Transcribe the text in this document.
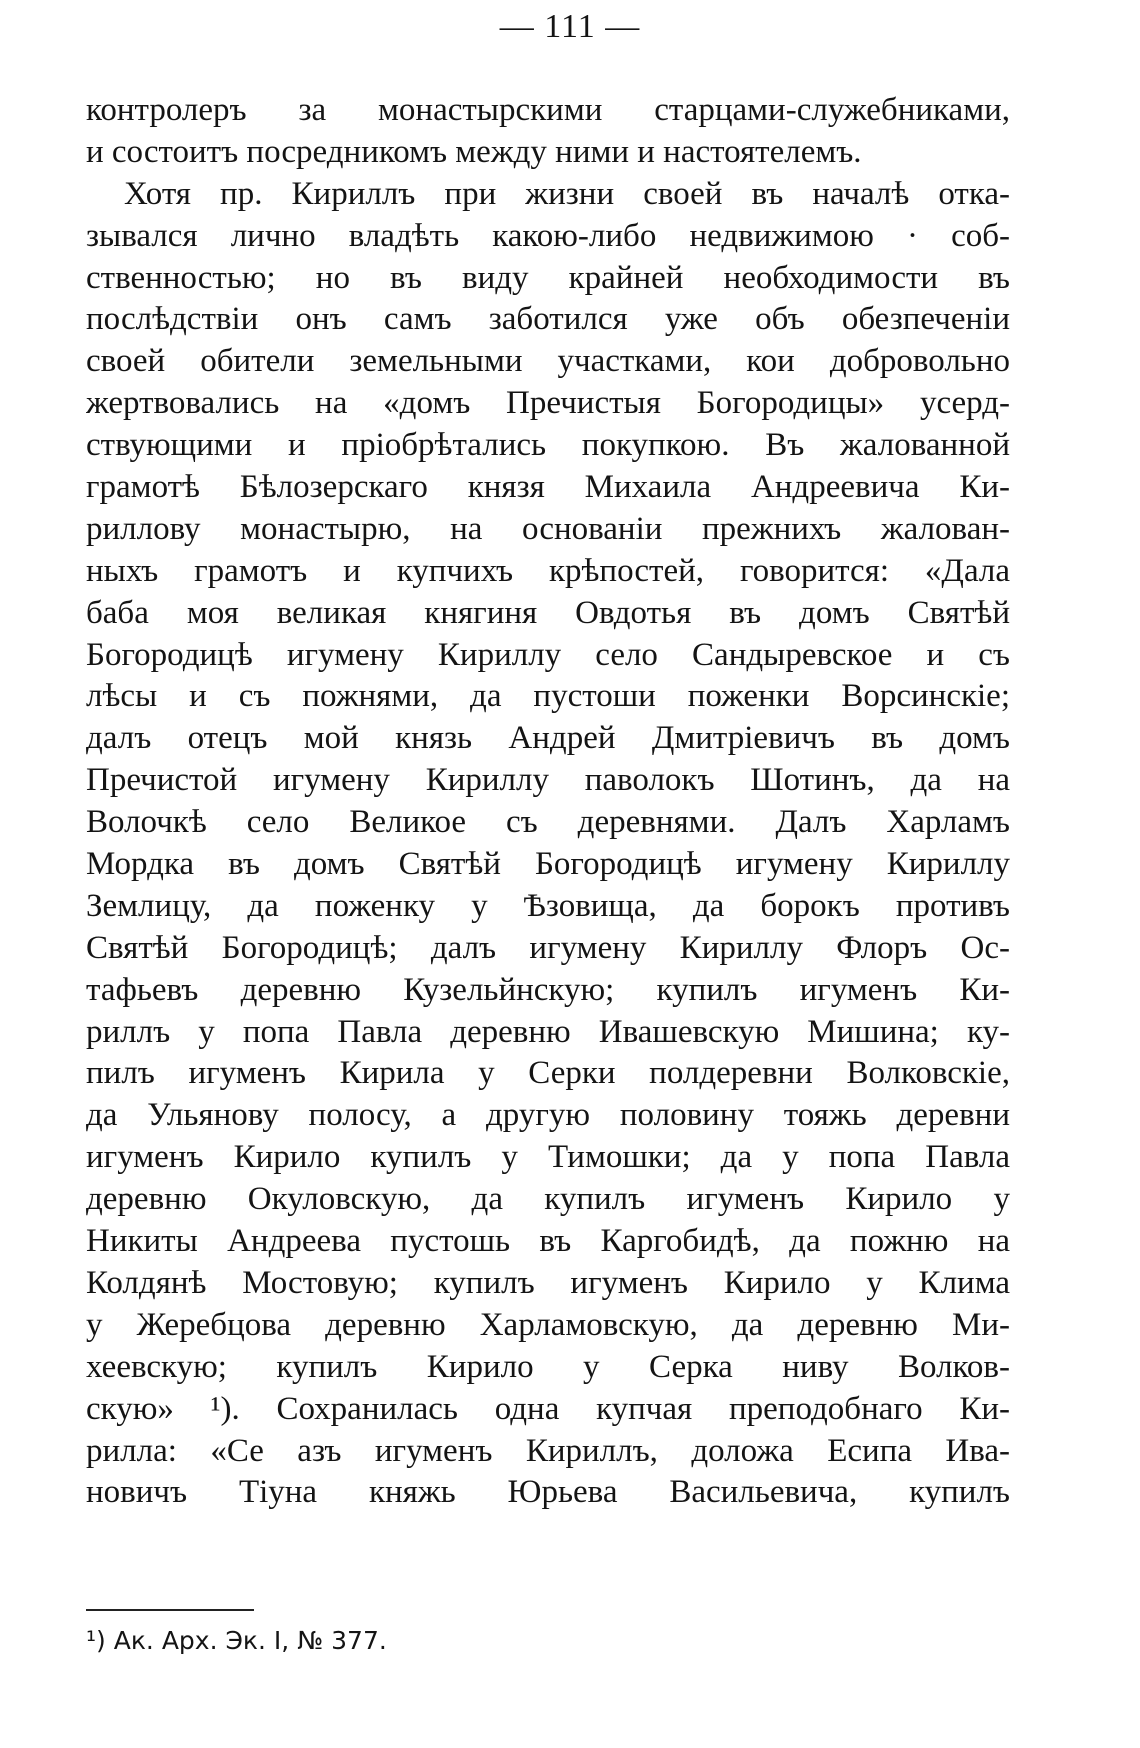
— 111 —
контролеръ за монастырскими старцами-служебниками,
и состоитъ посредникомъ между ними и настоятелемъ.
Хотя пр. Кириллъ при жизни своей въ началѣ отка-
зывался лично владѣть какою-либо недвижимою · соб-
ственностью; но въ виду крайней необходимости въ
послѣдствіи онъ самъ заботился уже объ обезпеченіи
своей обители земельными участками, кои добровольно
жертвовались на «домъ Пречистыя Богородицы» усерд-
ствующими и пріобрѣтались покупкою. Въ жалованной
грамотѣ Бѣлозерскаго князя Михаила Андреевича Ки-
риллову монастырю, на основаніи прежнихъ жалован-
ныхъ грамотъ и купчихъ крѣпостей, говорится: «Дала
баба моя великая княгиня Овдотья въ домъ Святѣй
Богородицѣ игумену Кириллу село Сандыревское и съ
лѣсы и съ пожнями, да пустоши поженки Ворсинскіе;
далъ отецъ мой князь Андрей Дмитріевичъ въ домъ
Пречистой игумену Кириллу паволокъ Шотинъ, да на
Волочкѣ село Великое съ деревнями. Далъ Харламъ
Мордка въ домъ Святѣй Богородицѣ игумену Кириллу
Землицу, да поженку у Ѣзовища, да борокъ противъ
Святѣй Богородицѣ; далъ игумену Кириллу Флоръ Ос-
тафьевъ деревню Кузельйнскую; купилъ игуменъ Ки-
риллъ у попа Павла деревню Ивашевскую Мишина; ку-
пилъ игуменъ Кирила у Серки полдеревни Волковскіе,
да Ульянову полосу, а другую половину тояжь деревни
игуменъ Кирило купилъ у Тимошки; да у попа Павла
деревню Окуловскую, да купилъ игуменъ Кирило у
Никиты Андреева пустошь въ Каргобидѣ, да пожню на
Колдянѣ Мостовую; купилъ игуменъ Кирило у Клима
у Жеребцова деревню Харламовскую, да деревню Ми-
хеевскую; купилъ Кирило у Серка ниву Волков-
скую» ¹). Сохранилась одна купчая преподобнаго Ки-
рилла: «Се азъ игуменъ Кириллъ, доложа Есипа Ива-
новичъ Тіуна княжь Юрьева Васильевича, купилъ
¹) Ак. Арх. Эк. I, № 377.
